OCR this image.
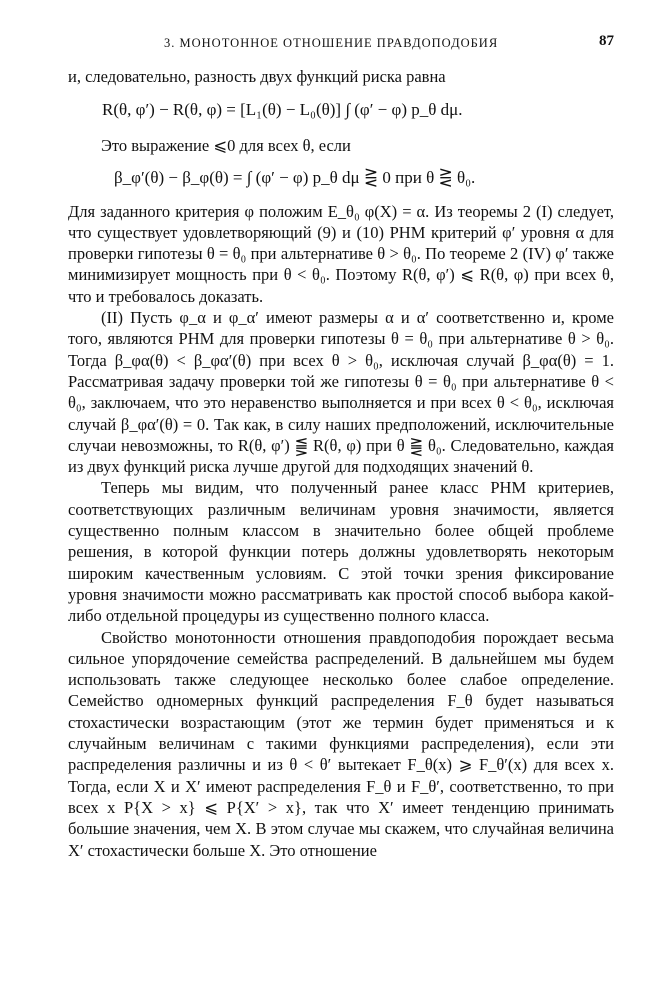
3. МОНОТОННОЕ ОТНОШЕНИЕ ПРАВДОПОДОБИЯ	87

и, следовательно, разность двух функций риска равна

R(θ, φ′) − R(θ, φ) = [L₁(θ) − L₀(θ)] ∫ (φ′ − φ) p_θ dμ.

Это выражение ⩽0 для всех θ, если

β_φ′(θ) − β_φ(θ) = ∫ (φ′ − φ) p_θ dμ ⋛ 0 при θ ⋛ θ₀.

Для заданного критерия φ положим E_θ₀ φ(X) = α. Из теоремы 2 (I) следует, что существует удовлетворяющий (9) и (10) РНМ критерий φ′ уровня α для проверки гипотезы θ = θ₀ при альтернативе θ > θ₀. По теореме 2 (IV) φ′ также минимизирует мощность при θ < θ₀. Поэтому R(θ, φ′) ⩽ R(θ, φ) при всех θ, что и требовалось доказать.

(II) Пусть φ_α и φ_α′ имеют размеры α и α′ соответственно и, кроме того, являются РНМ для проверки гипотезы θ = θ₀ при альтернативе θ > θ₀. Тогда β_φα(θ) < β_φα′(θ) при всех θ > θ₀, исключая случай β_φα(θ) = 1. Рассматривая задачу проверки той же гипотезы θ = θ₀ при альтернативе θ < θ₀, заключаем, что это неравенство выполняется и при всех θ < θ₀, исключая случай β_φα′(θ) = 0. Так как, в силу наших предположений, исключительные случаи невозможны, то R(θ, φ′) ⪋ R(θ, φ) при θ ⪌ θ₀. Следовательно, каждая из двух функций риска лучше другой для подходящих значений θ.

Теперь мы видим, что полученный ранее класс РНМ критериев, соответствующих различным величинам уровня значимости, является существенно полным классом в значительно более общей проблеме решения, в которой функции потерь должны удовлетворять некоторым широким качественным условиям. С этой точки зрения фиксирование уровня значимости можно рассматривать как простой способ выбора какой-либо отдельной процедуры из существенно полного класса.

Свойство монотонности отношения правдоподобия порождает весьма сильное упорядочение семейства распределений. В дальнейшем мы будем использовать также следующее несколько более слабое определение. Семейство одномерных функций распределения F_θ будет называться стохастически возрастающим (этот же термин будет применяться и к случайным величинам с такими функциями распределения), если эти распределения различны и из θ < θ′ вытекает F_θ(x) ⩾ F_θ′(x) для всех x. Тогда, если X и X′ имеют распределения F_θ и F_θ′, соответственно, то при всех x P{X > x} ⩽ P{X′ > x}, так что X′ имеет тенденцию принимать большие значения, чем X. В этом случае мы скажем, что случайная величина X′ стохастически больше X. Это отношение
